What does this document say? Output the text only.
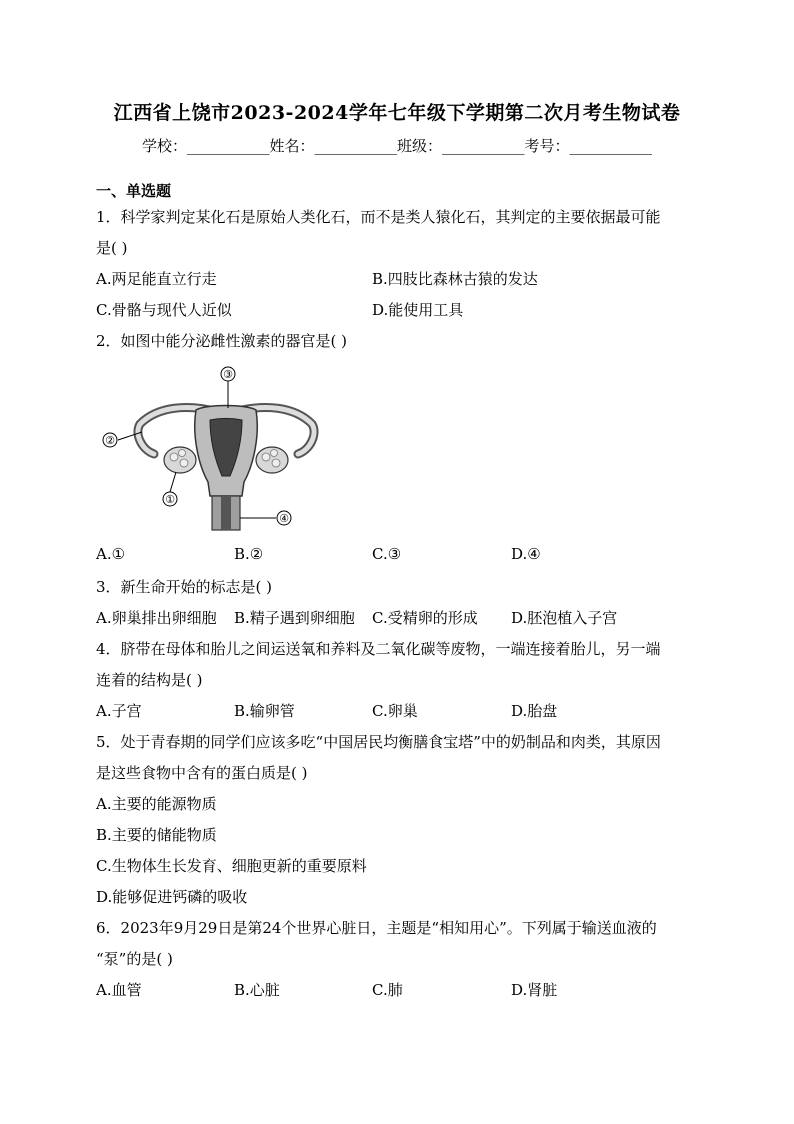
江西省上饶市2023-2024学年七年级下学期第二次月考生物试卷
学校：___________姓名：___________班级：___________考号：___________
一、单选题
1．科学家判定某化石是原始人类化石，而不是类人猿化石，其判定的主要依据最可能
是( )
A.两足能直立行走	B.四肢比森林古猿的发达
C.骨骼与现代人近似	D.能使用工具
2．如图中能分泌雌性激素的器官是( )
③
②
①
④
A.①	B.②	C.③	D.④
3．新生命开始的标志是( )
A.卵巢排出卵细胞 B.精子遇到卵细胞 C.受精卵的形成 D.胚泡植入子宫
4．脐带在母体和胎儿之间运送氧和养料及二氧化碳等废物，一端连接着胎儿，另一端
连着的结构是( )
A.子宫	B.输卵管	C.卵巢	D.胎盘
5．处于青春期的同学们应该多吃“中国居民均衡膳食宝塔”中的奶制品和肉类，其原因
是这些食物中含有的蛋白质是( )
A.主要的能源物质
B.主要的储能物质
C.生物体生长发育、细胞更新的重要原料
D.能够促进钙磷的吸收
6．2023年9月29日是第24个世界心脏日，主题是“相知用心”。下列属于输送血液的
“泵”的是( )
A.血管	B.心脏	C.肺	D.肾脏
